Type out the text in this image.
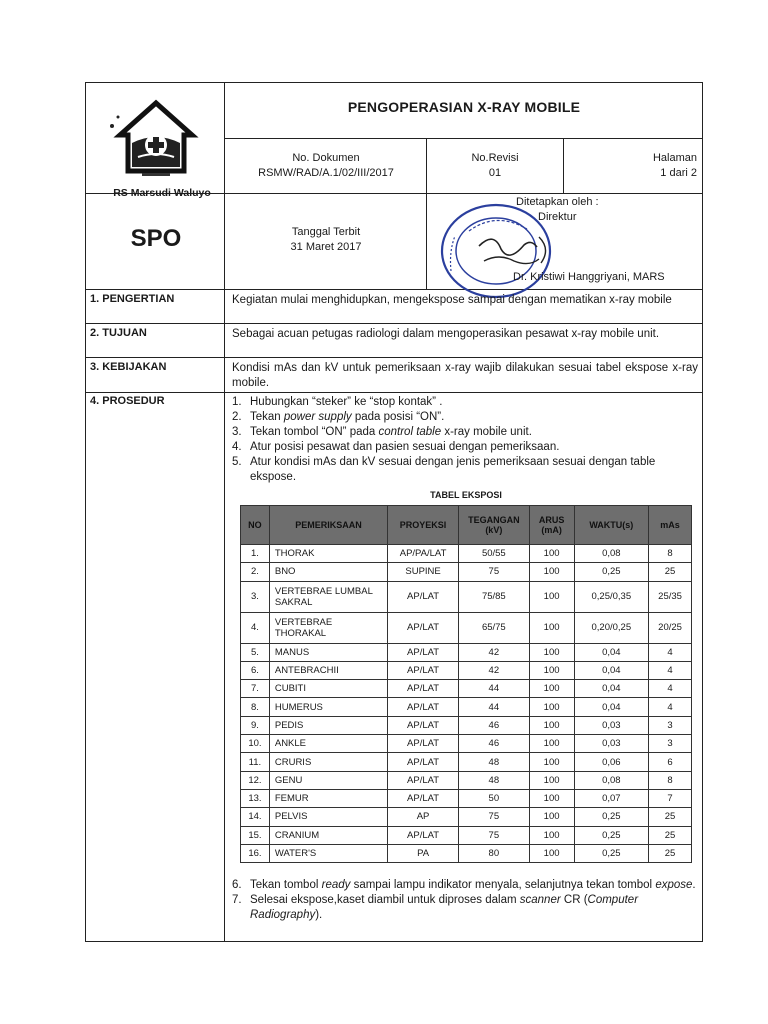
RS Marsudi Waluyo
PENGOPERASIAN X-RAY MOBILE
No. Dokumen
RSMW/RAD/A.1/02/III/2017
No.Revisi
01
Halaman
1 dari 2
SPO	Tanggal Terbit
31 Maret 2017
Ditetapkan oleh :
Direktur
Dr. Kristiwi Hanggriyani, MARS
1. PENGERTIAN	Kegiatan mulai menghidupkan, mengekspose sampai dengan mematikan x-ray mobile
2. TUJUAN	Sebagai acuan petugas radiologi dalam mengoperasikan pesawat x-ray mobile unit.
3. KEBIJAKAN	Kondisi mAs dan kV untuk pemeriksaan x-ray wajib dilakukan sesuai tabel ekspose x-ray mobile.
4. PROSEDUR	1. Hubungkan “steker” ke “stop kontak” .
2. Tekan power supply pada posisi “ON”.
3. Tekan tombol “ON” pada control table x-ray mobile unit.
4. Atur posisi pesawat dan pasien sesuai dengan pemeriksaan.
5. Atur kondisi mAs dan kV sesuai dengan jenis pemeriksaan sesuai dengan table ekspose.
TABEL EKSPOSI
NO	PEMERIKSAAN	PROYEKSI	TEGANGAN (kV)	ARUS (mA)	WAKTU(s)	mAs
1.	THORAK	AP/PA/LAT	50/55	100	0,08	8
2.	BNO	SUPINE	75	100	0,25	25
3.	VERTEBRAE LUMBAL SAKRAL	AP/LAT	75/85	100	0,25/0,35	25/35
4.	VERTEBRAE THORAKAL	AP/LAT	65/75	100	0,20/0,25	20/25
5.	MANUS	AP/LAT	42	100	0,04	4
6.	ANTEBRACHII	AP/LAT	42	100	0,04	4
7.	CUBITI	AP/LAT	44	100	0,04	4
8.	HUMERUS	AP/LAT	44	100	0,04	4
9.	PEDIS	AP/LAT	46	100	0,03	3
10.	ANKLE	AP/LAT	46	100	0,03	3
11.	CRURIS	AP/LAT	48	100	0,06	6
12.	GENU	AP/LAT	48	100	0,08	8
13.	FEMUR	AP/LAT	50	100	0,07	7
14.	PELVIS	AP	75	100	0,25	25
15.	CRANIUM	AP/LAT	75	100	0,25	25
16.	WATER'S	PA	80	100	0,25	25
6. Tekan tombol ready sampai lampu indikator menyala, selanjutnya tekan tombol expose.
7. Selesai ekspose,kaset diambil untuk diproses dalam scanner CR (Computer Radiography).
